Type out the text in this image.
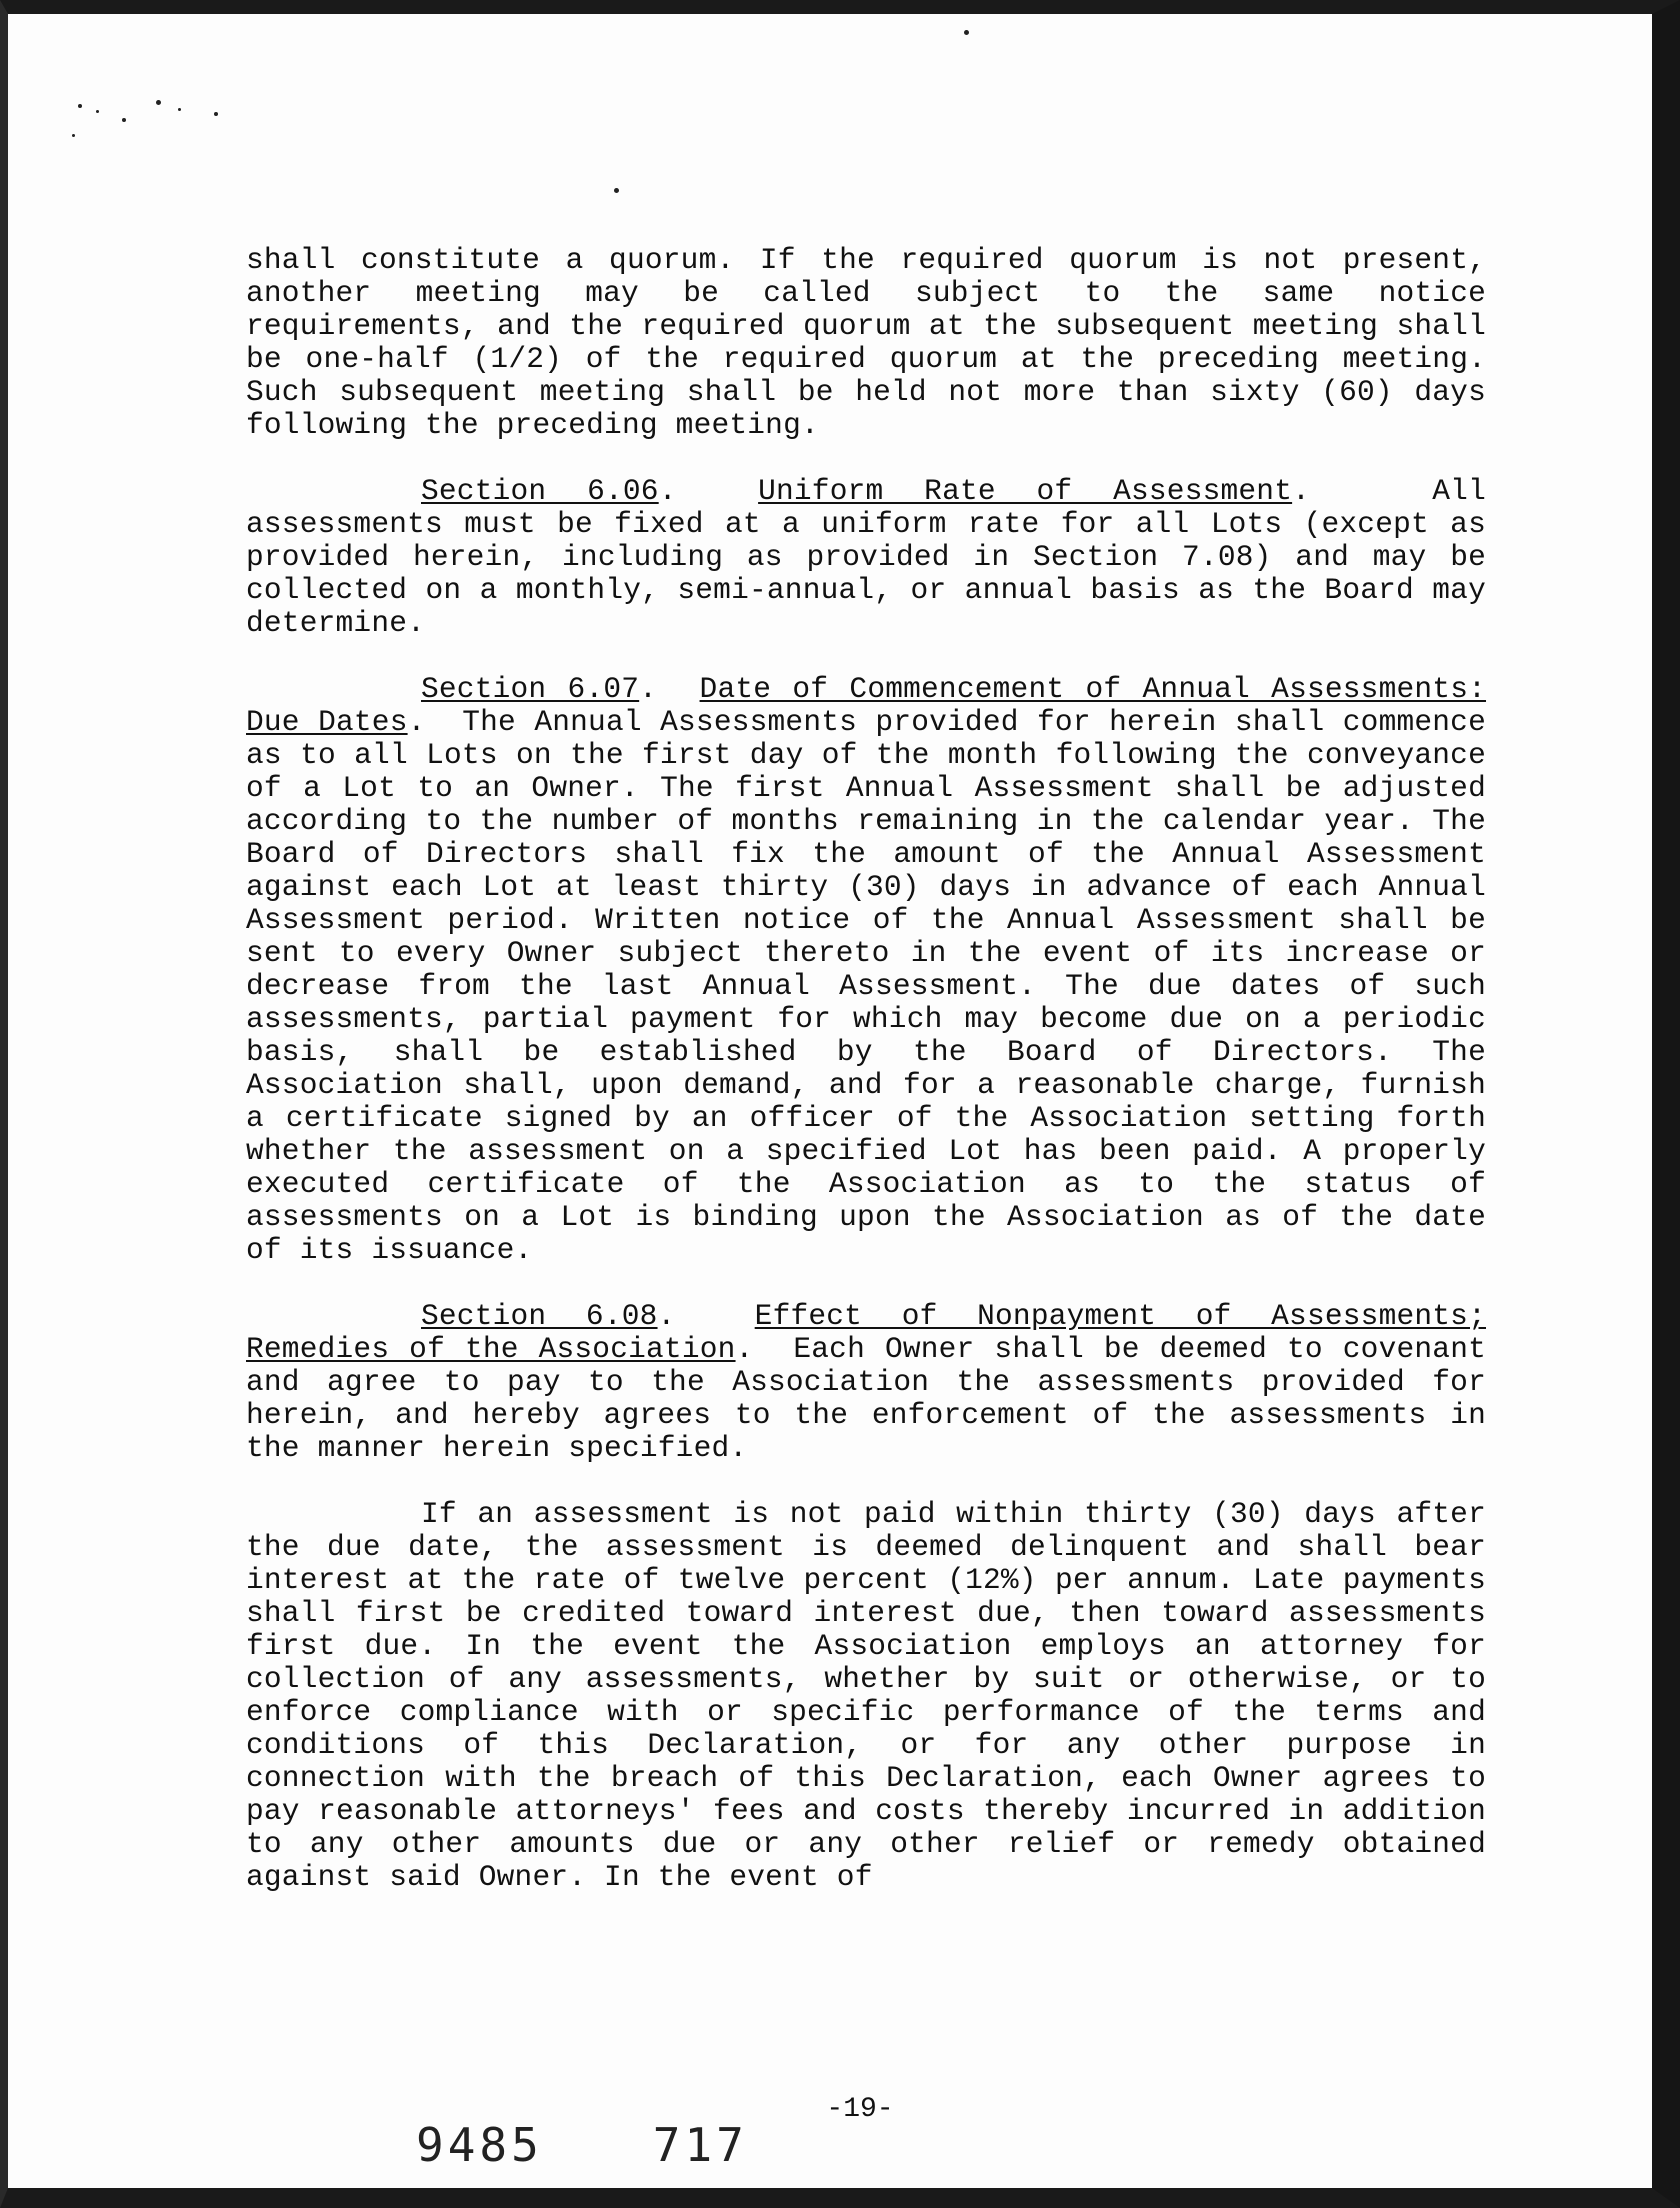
shall constitute a quorum. If the required quorum is not present, another meeting may be called subject to the same notice requirements, and the required quorum at the subsequent meeting shall be one-half (1/2) of the required quorum at the preceding meeting. Such subsequent meeting shall be held not more than sixty (60) days following the preceding meeting.

Section 6.06.  Uniform Rate of Assessment.   All assessments must be fixed at a uniform rate for all Lots (except as provided herein, including as provided in Section 7.08) and may be collected on a monthly, semi-annual, or annual basis as the Board may determine.

Section 6.07.  Date of Commencement of Annual Assessments: Due Dates.  The Annual Assessments provided for herein shall commence as to all Lots on the first day of the month following the conveyance of a Lot to an Owner. The first Annual Assessment shall be adjusted according to the number of months remaining in the calendar year. The Board of Directors shall fix the amount of the Annual Assessment against each Lot at least thirty (30) days in advance of each Annual Assessment period. Written notice of the Annual Assessment shall be sent to every Owner subject thereto in the event of its increase or decrease from the last Annual Assessment. The due dates of such assessments, partial payment for which may become due on a periodic basis, shall be established by the Board of Directors. The Association shall, upon demand, and for a reasonable charge, furnish a certificate signed by an officer of the Association setting forth whether the assessment on a specified Lot has been paid. A properly executed certificate of the Association as to the status of assessments on a Lot is binding upon the Association as of the date of its issuance.

Section 6.08.  Effect of Nonpayment of Assessments; Remedies of the Association.  Each Owner shall be deemed to covenant and agree to pay to the Association the assessments provided for herein, and hereby agrees to the enforcement of the assessments in the manner herein specified.

If an assessment is not paid within thirty (30) days after the due date, the assessment is deemed delinquent and shall bear interest at the rate of twelve percent (12%) per annum. Late payments shall first be credited toward interest due, then toward assessments first due. In the event the Association employs an attorney for collection of any assessments, whether by suit or otherwise, or to enforce compliance with or specific performance of the terms and conditions of this Declaration, or for any other purpose in connection with the breach of this Declaration, each Owner agrees to pay reasonable attorneys' fees and costs thereby incurred in addition to any other amounts due or any other relief or remedy obtained against said Owner. In the event of

-19-
9485 717
